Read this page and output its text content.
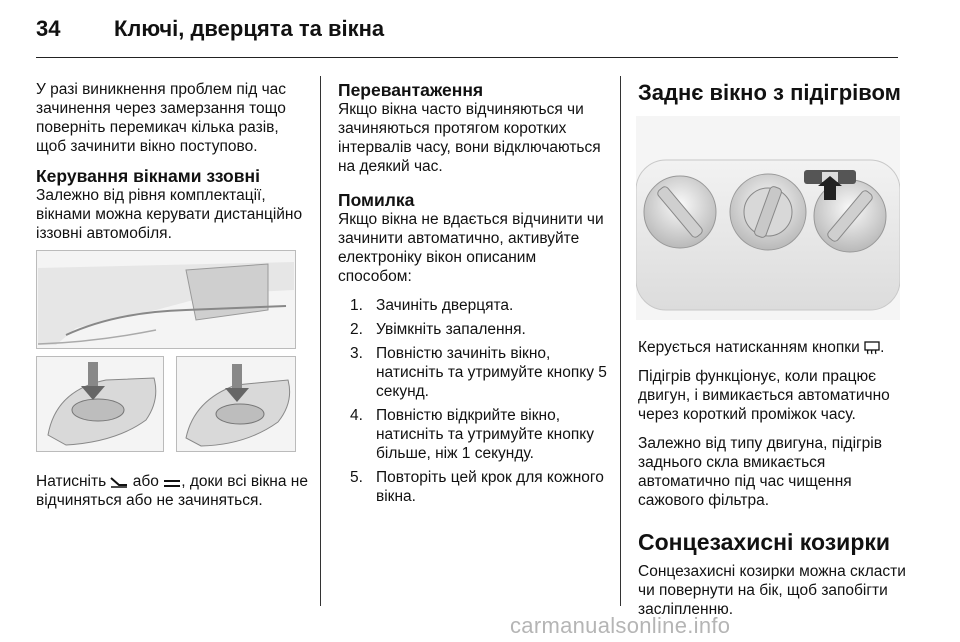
34 Ключі, дверцята та вікна

У разі виникнення проблем під час зачинення через замерзання тощо поверніть перемикач кілька разів, щоб зачинити вікно поступово.

Керування вікнами ззовні

Залежно від рівня комплектації, вікнами можна керувати дистанційно іззовні автомобіля.

Натисніть або , доки всі вікна не відчиняться або не зачиняться.

Перевантаження

Якщо вікна часто відчиняються чи зачиняються протягом коротких інтервалів часу, вони відключаються на деякий час.

Помилка

Якщо вікна не вдається відчинити чи зачинити автоматично, активуйте електроніку вікон описаним способом:

1. Зачиніть дверцята.
2. Увімкніть запалення.
3. Повністю зачиніть вікно, натисніть та утримуйте кнопку 5 секунд.
4. Повністю відкрийте вікно, натисніть та утримуйте кнопку більше, ніж 1 секунду.
5. Повторіть цей крок для кожного вікна.
Заднє вікно з підігрівом

Керується натисканням кнопки .

Підігрів функціонує, коли працює двигун, і вимикається автоматично через короткий проміжок часу.

Залежно від типу двигуна, підігрів заднього скла вмикається автоматично під час чищення сажового фільтра.

Сонцезахисні козирки

Сонцезахисні козирки можна скласти чи повернути на бік, щоб запобігти засліпленню.

carmanualsonline.info
